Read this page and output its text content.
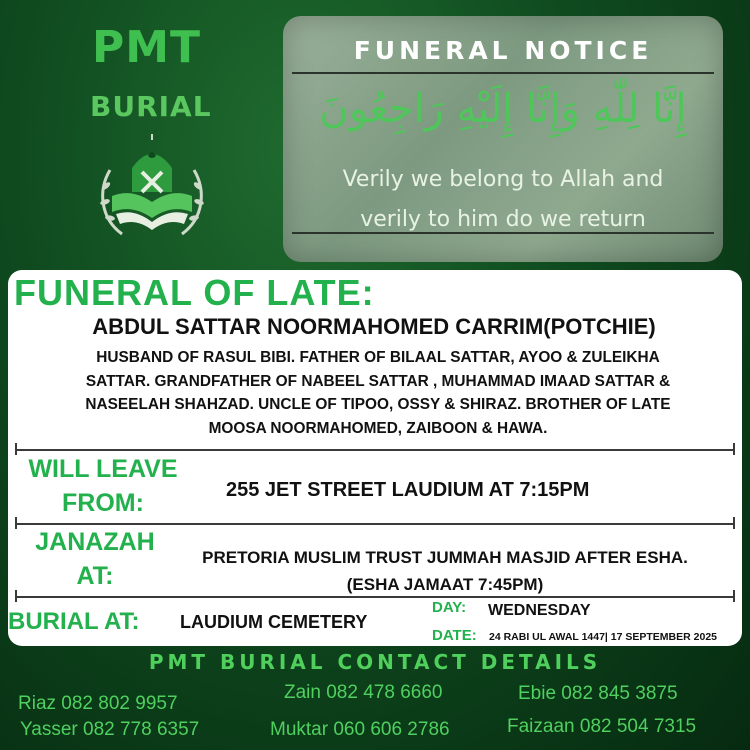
PMT
BURIAL
FUNERAL NOTICE
إِنَّا لِلّٰهِ وَإِنَّا إِلَيْهِ رَاجِعُونَ
Verily we belong to Allah and
verily to him do we return
FUNERAL OF LATE:
ABDUL SATTAR NOORMAHOMED CARRIM(POTCHIE)
HUSBAND OF RASUL BIBI. FATHER OF BILAAL SATTAR, AYOO & ZULEIKHA
SATTAR. GRANDFATHER OF NABEEL SATTAR , MUHAMMAD IMAAD SATTAR &
NASEELAH SHAHZAD. UNCLE OF TIPOO, OSSY & SHIRAZ. BROTHER OF LATE
MOOSA NOORMAHOMED, ZAIBOON & HAWA.
WILL LEAVE
FROM:	255 JET STREET LAUDIUM AT 7:15PM
JANAZAH
AT:
PRETORIA MUSLIM TRUST JUMMAH MASJID AFTER ESHA.
(ESHA JAMAAT 7:45PM)
BURIAL AT: LAUDIUM CEMETERY
DAY: WEDNESDAY
DATE: 24 RABI UL AWAL 1447| 17 SEPTEMBER 2025
PMT BURIAL CONTACT DETAILS
Riaz 082 802 9957
Yasser 082 778 6357
Zain 082 478 6660
Muktar 060 606 2786
Ebie 082 845 3875
Faizaan 082 504 7315
